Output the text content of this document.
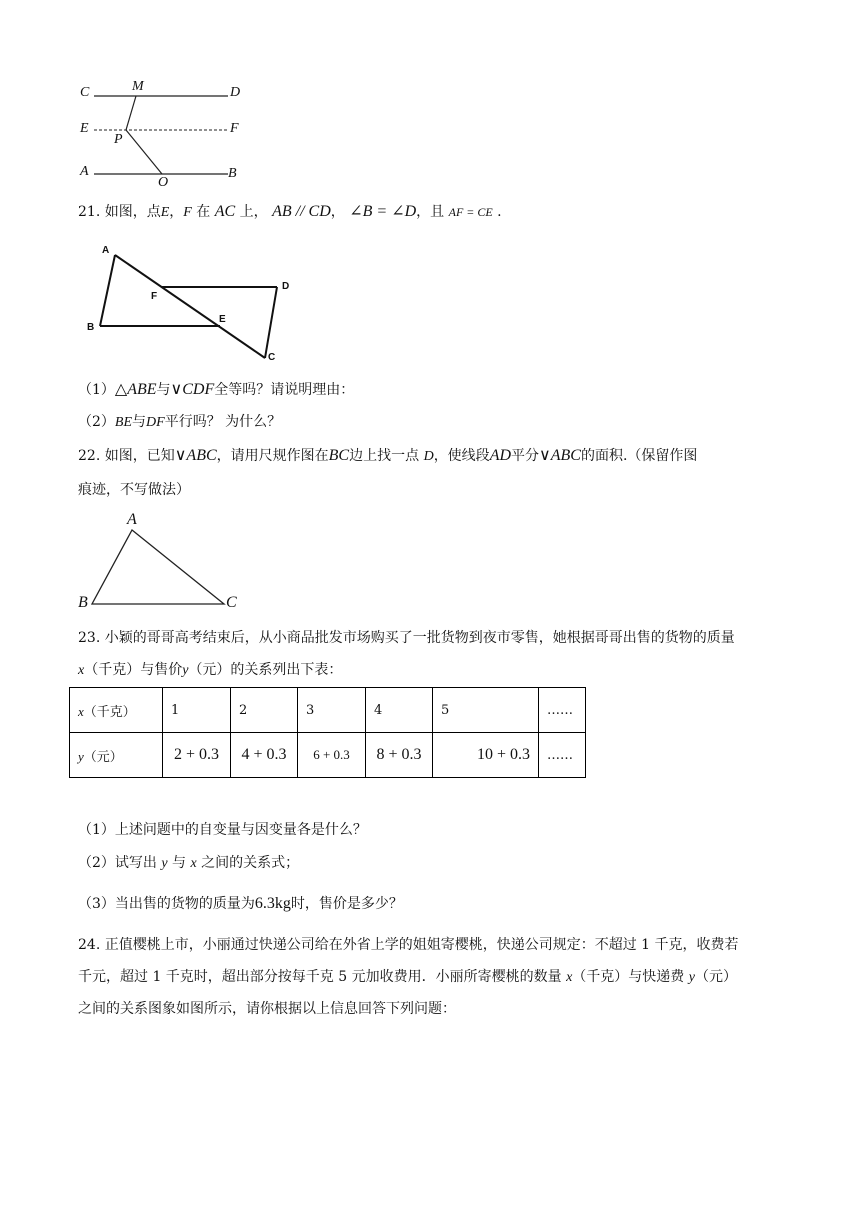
C	M	D
E	F
P
A
O
B
21. 如图，点E，F 在 AC 上， AB // CD， ∠B = ∠D，且 AF = CE .
A
F
D
B
E
C
（1）△ABE与∨CDF全等吗？请说明理由：
（2）BE与DF平行吗？ 为什么？
22. 如图，已知∨ABC，请用尺规作图在BC边上找一点 D，使线段AD平分∨ABC的面积.（保留作图
痕迹，不写做法）
A
B	C
23. 小颖的哥哥高考结束后，从小商品批发市场购买了一批货物到夜市零售，她根据哥哥出售的货物的质量
x（千克）与售价y（元）的关系列出下表：
x（千克）	1	2	3	4	5	……
y（元）	2 + 0.3	4 + 0.3	6 + 0.3	8 + 0.3	10 + 0.3	……
（1）上述问题中的自变量与因变量各是什么？
（2）试写出 y 与 x 之间的关系式；
（3）当出售的货物的质量为6.3kg时，售价是多少？
24. 正值樱桃上市，小丽通过快递公司给在外省上学的姐姐寄樱桃，快递公司规定：不超过 1 千克，收费若
千元，超过 1 千克时，超出部分按每千克 5 元加收费用．小丽所寄樱桃的数量 x（千克）与快递费 y（元）
之间的关系图象如图所示，请你根据以上信息回答下列问题：
